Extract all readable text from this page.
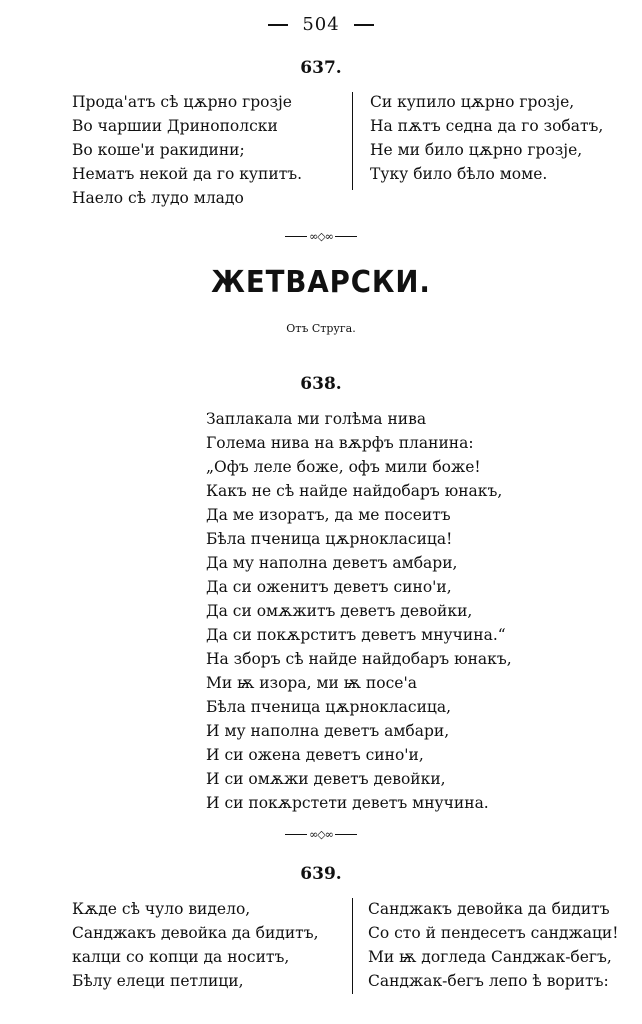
504
637.
Прода'атъ сѣ цѫрно грозје
Во чаршии Дринополски
Во коше'и ракидини;
Нематъ некой да го купитъ.
Наело сѣ лудо младо
Си купило цѫрно грозје,
На пѫтъ седна да го зобатъ,
Не ми било цѫрно грозје,
Туку било бѣло моме.
∞◇∞
ЖЕТВАРСКИ.
Отъ Струга.
638.
Заплакала ми голѣма нива
Голема нива на вѫрфъ планина:
„Офъ леле боже, офъ мили боже!
Какъ не сѣ найде найдобаръ юнакъ,
Да ме изоратъ, да ме посеитъ
Бѣла пченица цѫрноклaсица!
Да му наполна деветъ амбари,
Да си оженитъ деветъ сино'и,
Да си омѫжитъ деветъ девойки,
Да си покѫрститъ деветъ мнучина.“
На зборъ сѣ найде найдобаръ юнакъ,
Ми ѭ изора, ми ѭ посе'а
Бѣла пченица цѫрноклaсица,
И му наполна деветъ амбари,
И си ожена деветъ сино'и,
И си омѫжи деветъ девойки,
И си покѫрстети деветъ мнучина.
∞◇∞
639.
Кѫде сѣ чуло видело,
Санджакъ девойка да бидитъ,
калци со копци да носитъ,
Бѣлу елеци петлици,
Санджакъ девойка да бидитъ
Со сто й пендесетъ санджаци!
Ми ѭ догледа Санджак-бегъ,
Санджак-бегъ лепо ѣ воритъ:
